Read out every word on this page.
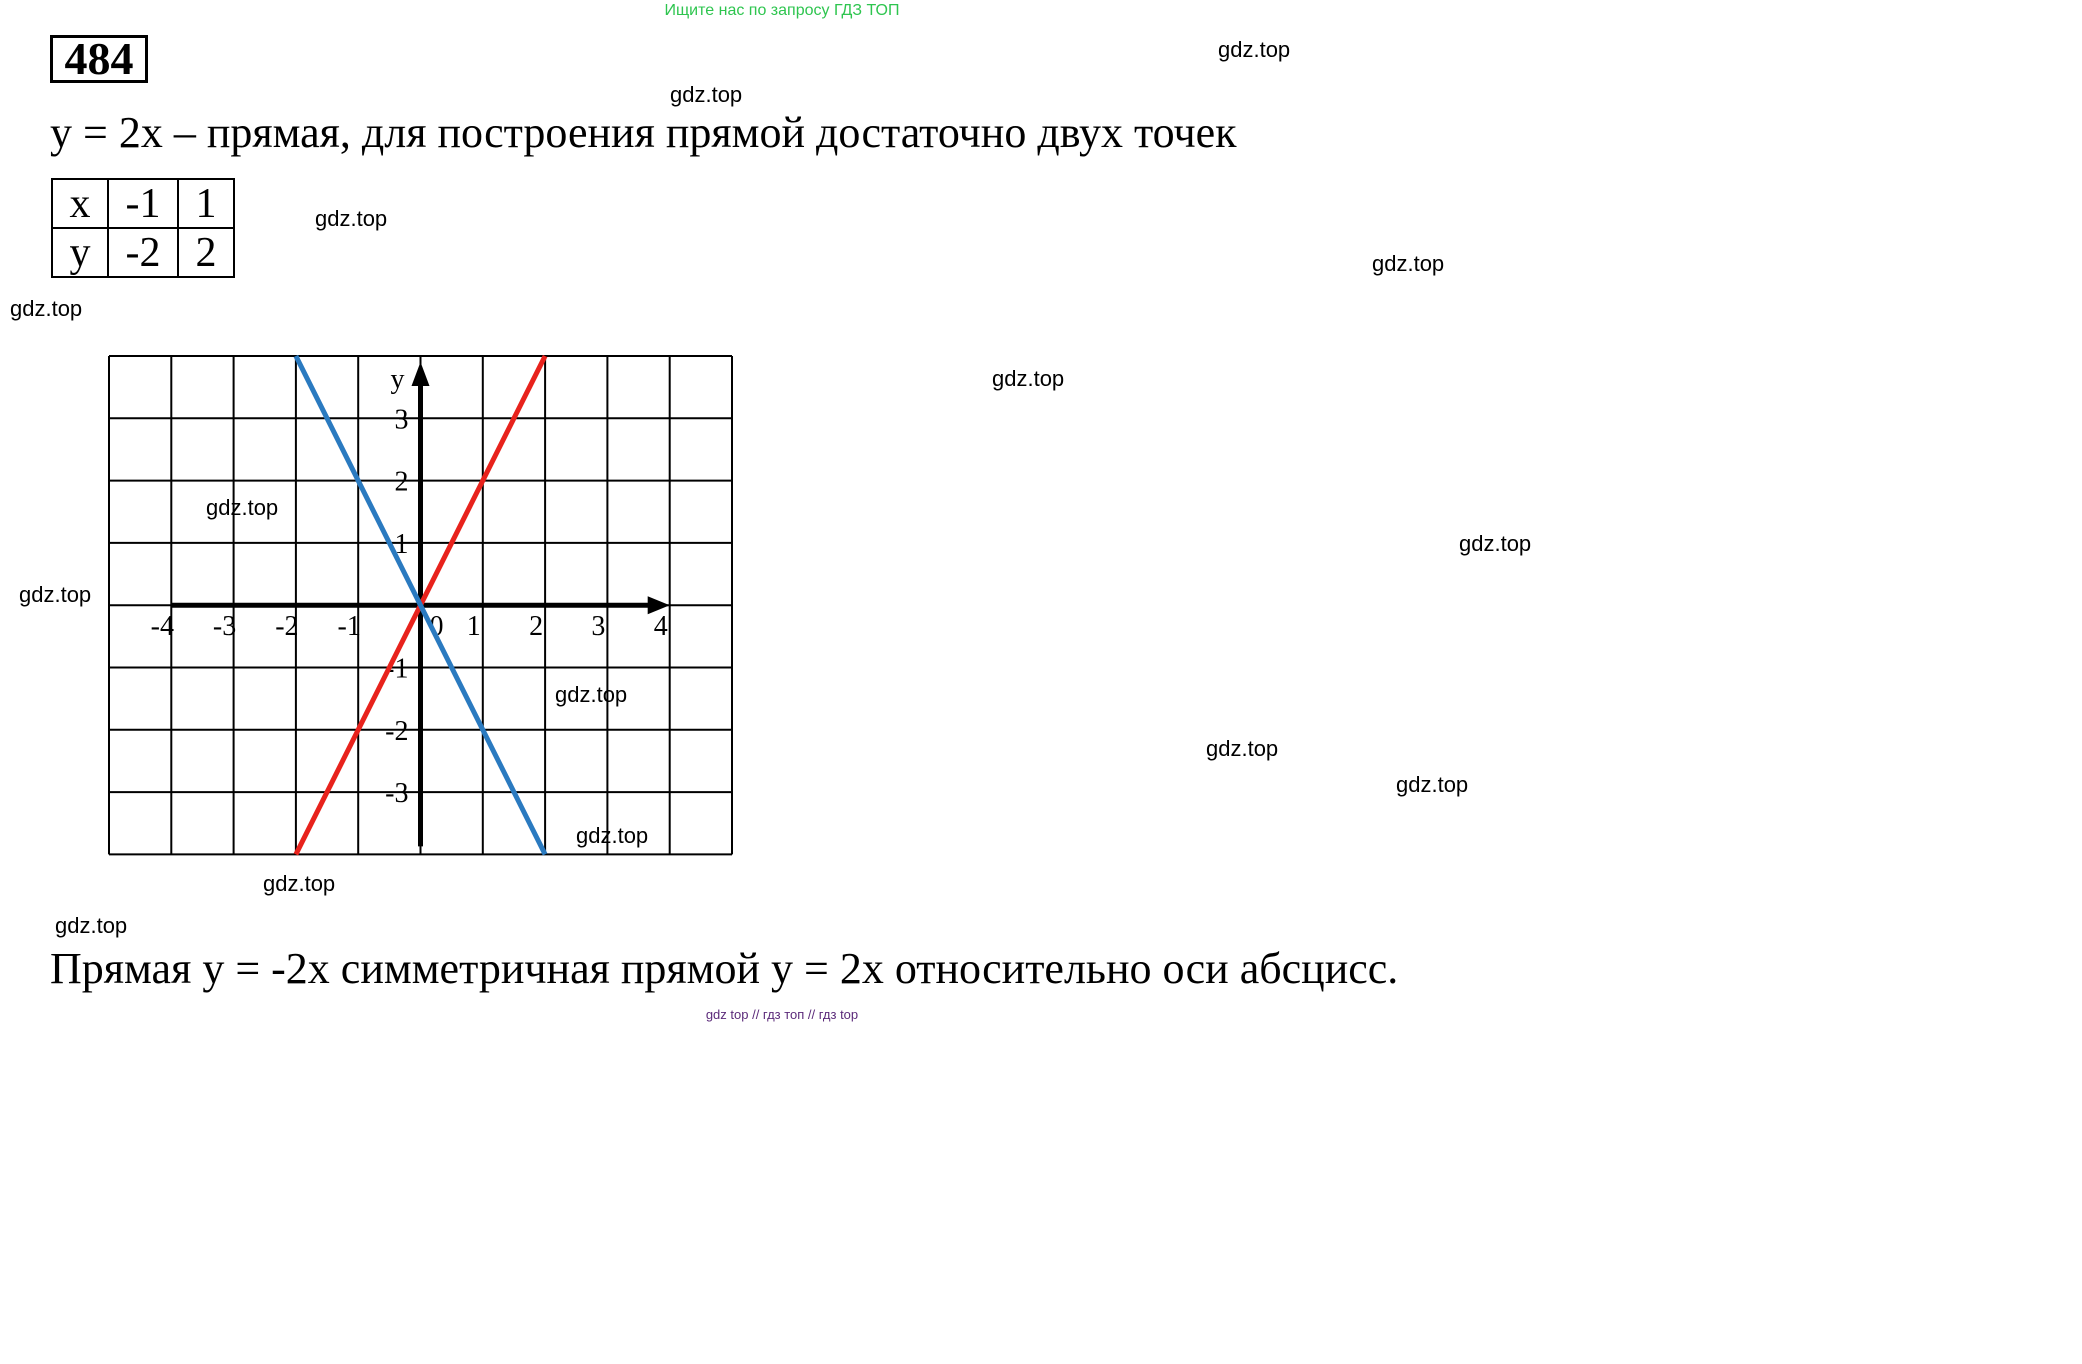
Ищите нас по запросу ГДЗ ТОП
484
y = 2x – прямая, для построения прямой достаточно двух точек
x	-1	1
y	-2	2
y
-4 -3 -2 -1 0 1 2 3 4
3
2
1
-1
-2
-3
gdz.top
gdz.top
gdz.top
gdz.top
gdz.top
gdz.top
gdz.top
gdz.top
gdz.top
gdz.top
gdz.top
gdz.top
gdz.top
gdz.top
gdz.top
Прямая y = -2x симметричная прямой y = 2x относительно оси абсцисс.
gdz top // гдз топ // гдз top
